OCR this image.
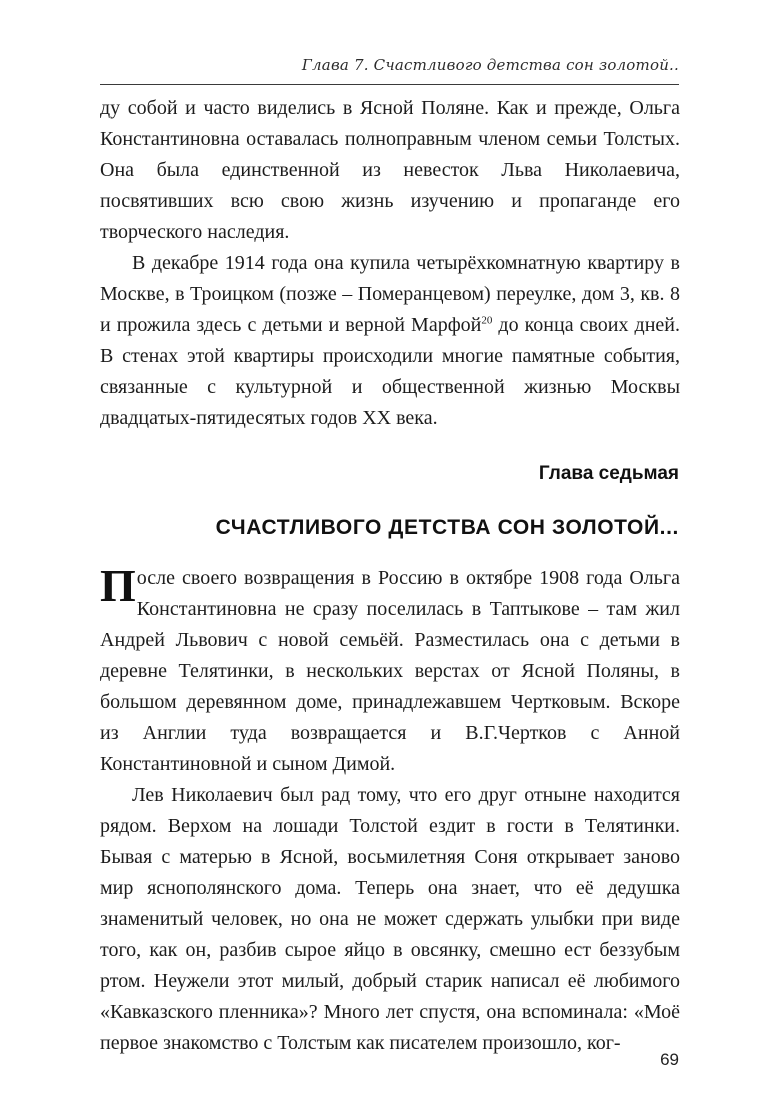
Глава 7. Счастливого детства сон золотой..

ду собой и часто виделись в Ясной Поляне. Как и прежде, Ольга Константиновна оставалась полноправным членом семьи Толстых. Она была единственной из невесток Льва Николаевича, посвятивших всю свою жизнь изучению и пропаганде его творческого наследия.

В декабре 1914 года она купила четырёхкомнатную квартиру в Москве, в Троицком (позже – Померанцевом) переулке, дом 3, кв. 8 и прожила здесь с детьми и верной Марфой$^{20}$ до конца своих дней. В стенах этой квартиры происходили многие памятные события, связанные с культурной и общественной жизнью Москвы двадцатых-пятидесятых годов XX века.

Глава седьмая
СЧАСТЛИВОГО ДЕТСТВА СОН ЗОЛОТОЙ...

После своего возвращения в Россию в октябре 1908 года Ольга Константиновна не сразу поселилась в Таптыкове – там жил Андрей Львович с новой семьёй. Разместилась она с детьми в деревне Телятинки, в нескольких верстах от Ясной Поляны, в большом деревянном доме, принадлежавшем Чертковым. Вскоре из Англии туда возвращается и В.Г.Чертков с Анной Константиновной и сыном Димой.

Лев Николаевич был рад тому, что его друг отныне находится рядом. Верхом на лошади Толстой ездит в гости в Телятинки. Бывая с матерью в Ясной, восьмилетняя Соня открывает заново мир яснополянского дома. Теперь она знает, что её дедушка знаменитый человек, но она не может сдержать улыбки при виде того, как он, разбив сырое яйцо в овсянку, смешно ест беззубым ртом. Неужели этот милый, добрый старик написал её любимого «Кавказского пленника»? Много лет спустя, она вспоминала: «Моё первое знакомство с Толстым как писателем произошло, ког-

69
